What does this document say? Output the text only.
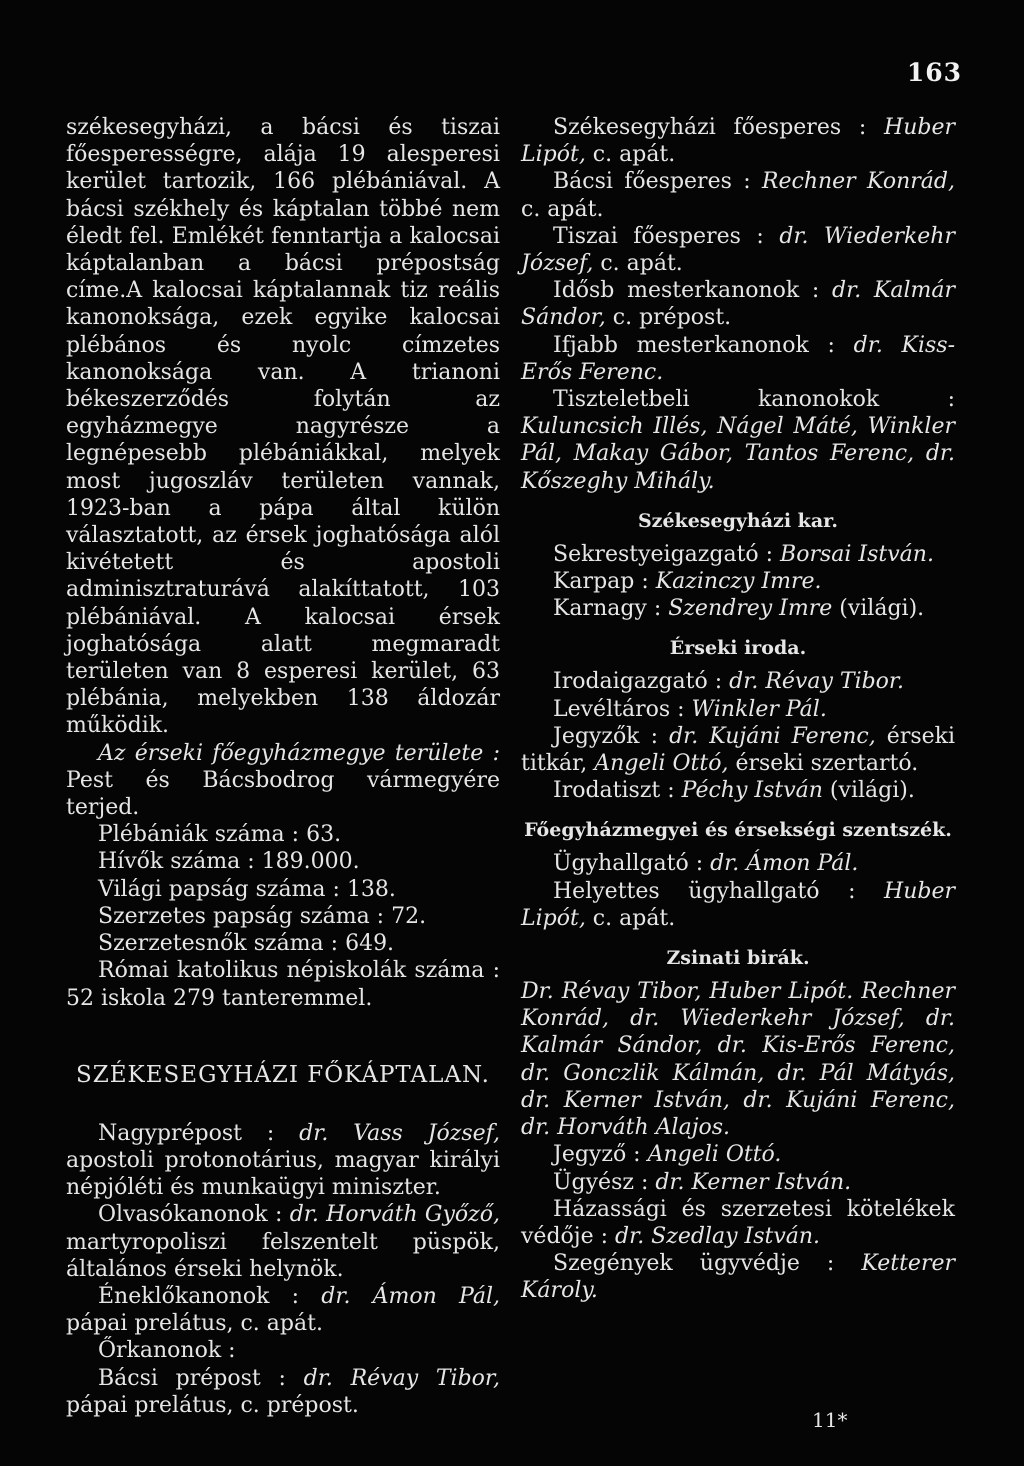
163

székesegyházi, a bácsi és tiszai főesperességre, alája 19 alesperesi kerület tartozik, 166 plébániával. A bácsi székhely és káptalan többé nem éledt fel. Emlékét fenntartja a kalocsai káptalanban a bácsi prépostság címe.A kalocsai káptalannak tiz reális kanonoksága, ezek egyike kalocsai plébános és nyolc címzetes kanonoksága van. A trianoni békeszerződés folytán az egyházmegye nagyrésze a legnépesebb plébániákkal, melyek most jugoszláv területen vannak, 1923-ban a pápa által külön választatott, az érsek joghatósága alól kivétetett és apostoli adminisztraturává alakíttatott, 103 plébániával. A kalocsai érsek joghatósága alatt megmaradt területen van 8 esperesi kerület, 63 plébánia, melyekben 138 áldozár működik.

Az érseki főegyházmegye területe : Pest és Bácsbodrog vármegyére terjed.

Plébániák száma : 63.

Hívők száma : 189.000.

Világi papság száma : 138.

Szerzetes papság száma : 72.

Szerzetesnők száma : 649.

Római katolikus népiskolák száma : 52 iskola 279 tanteremmel.

SZÉKESEGYHÁZI FŐKÁPTALAN.

Nagyprépost : dr. Vass József, apostoli protonotárius, magyar királyi népjóléti és munkaügyi miniszter.

Olvasókanonok : dr. Horváth Győző, martyropoliszi felszentelt püspök, általános érseki helynök.

Éneklőkanonok : dr. Ámon Pál, pápai prelátus, c. apát.

Őrkanonok :

Bácsi prépost : dr. Révay Tibor, pápai prelátus, c. prépost.

Székesegyházi főesperes : Huber Lipót, c. apát.

Bácsi főesperes : Rechner Konrád, c. apát.

Tiszai főesperes : dr. Wiederkehr József, c. apát.

Idősb mesterkanonok : dr. Kalmár Sándor, c. prépost.

Ifjabb mesterkanonok : dr. Kiss-Erős Ferenc.

Tiszteletbeli kanonokok : Kuluncsich Illés, Nágel Máté, Winkler Pál, Makay Gábor, Tantos Ferenc, dr. Kőszeghy Mihály.

Székesegyházi kar.

Sekrestyeigazgató : Borsai István.

Karpap : Kazinczy Imre.

Karnagy : Szendrey Imre (világi).

Érseki iroda.

Irodaigazgató : dr. Révay Tibor.

Levéltáros : Winkler Pál.

Jegyzők : dr. Kujáni Ferenc, érseki titkár, Angeli Ottó, érseki szertartó.

Irodatiszt : Péchy István (világi).

Főegyházmegyei és érsekségi szentszék.

Ügyhallgató : dr. Ámon Pál.

Helyettes ügyhallgató : Huber Lipót, c. apát.

Zsinati birák.

Dr. Révay Tibor, Huber Lipót. Rechner Konrád, dr. Wiederkehr József, dr. Kalmár Sándor, dr. Kis-Erős Ferenc, dr. Gonczlik Kálmán, dr. Pál Mátyás, dr. Kerner István, dr. Kujáni Ferenc, dr. Horváth Alajos.

Jegyző : Angeli Ottó.

Ügyész : dr. Kerner István.

Házassági és szerzetesi kötelékek védője : dr. Szedlay István.

Szegények ügyvédje : Ketterer Károly.

11*
